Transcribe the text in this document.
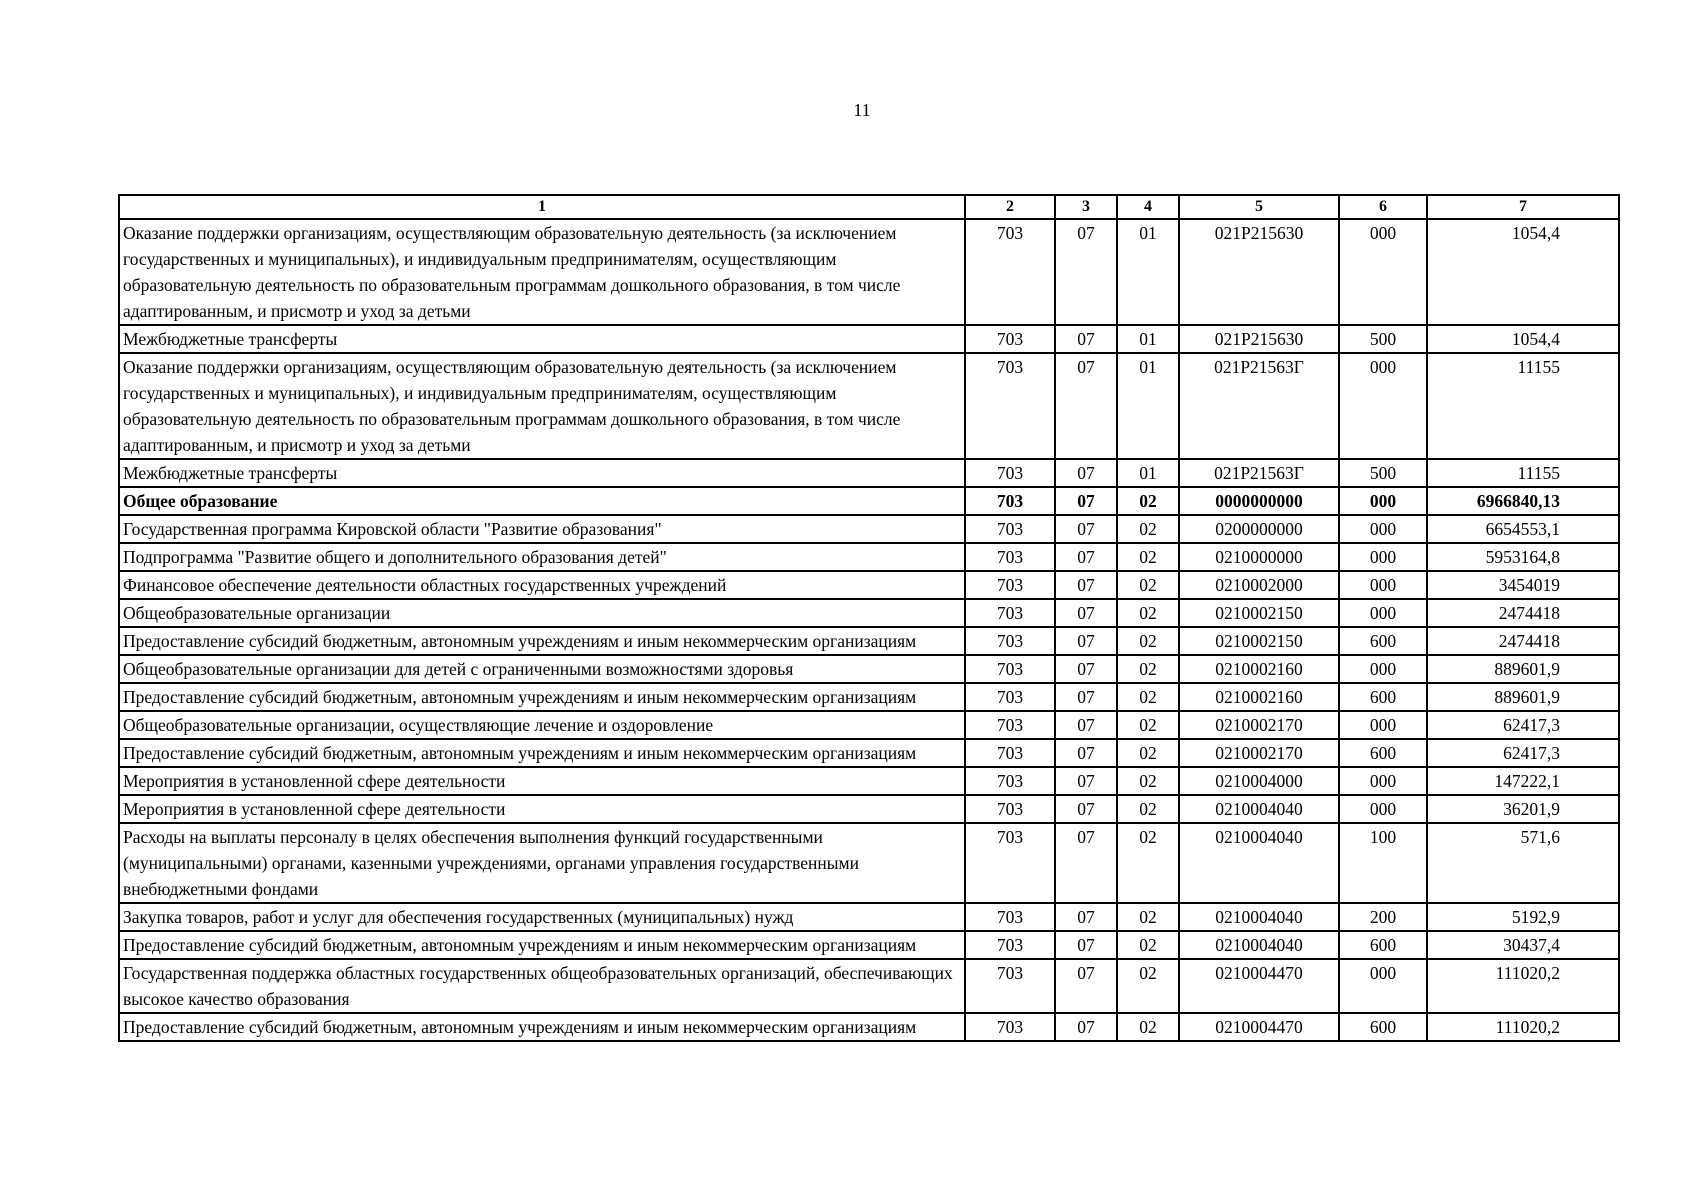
11
1	2	3	4	5	6	7
Оказание поддержки организациям, осуществляющим образовательную деятельность (за исключением государственных и муниципальных), и индивидуальным предпринимателям, осуществляющим образовательную деятельность по образовательным программам дошкольного образования, в том числе адаптированным, и присмотр и уход за детьми	703	07	01	021P215630	000	1054,4
Межбюджетные трансферты	703	07	01	021P215630	500	1054,4
Оказание поддержки организациям, осуществляющим образовательную деятельность (за исключением государственных и муниципальных), и индивидуальным предпринимателям, осуществляющим образовательную деятельность по образовательным программам дошкольного образования, в том числе адаптированным, и присмотр и уход за детьми	703	07	01	021P21563Г	000	11155
Межбюджетные трансферты	703	07	01	021P21563Г	500	11155
Общее образование	703	07	02	0000000000	000	6966840,13
Государственная программа Кировской области "Развитие образования"	703	07	02	0200000000	000	6654553,1
Подпрограмма "Развитие общего и дополнительного образования детей"	703	07	02	0210000000	000	5953164,8
Финансовое обеспечение деятельности областных государственных учреждений	703	07	02	0210002000	000	3454019
Общеобразовательные организации	703	07	02	0210002150	000	2474418
Предоставление субсидий бюджетным, автономным учреждениям и иным некоммерческим организациям	703	07	02	0210002150	600	2474418
Общеобразовательные организации для детей с ограниченными возможностями здоровья	703	07	02	0210002160	000	889601,9
Предоставление субсидий бюджетным, автономным учреждениям и иным некоммерческим организациям	703	07	02	0210002160	600	889601,9
Общеобразовательные организации, осуществляющие лечение и оздоровление	703	07	02	0210002170	000	62417,3
Предоставление субсидий бюджетным, автономным учреждениям и иным некоммерческим организациям	703	07	02	0210002170	600	62417,3
Мероприятия в установленной сфере деятельности	703	07	02	0210004000	000	147222,1
Мероприятия в установленной сфере деятельности	703	07	02	0210004040	000	36201,9
Расходы на выплаты персоналу в целях обеспечения выполнения функций государственными (муниципальными) органами, казенными учреждениями, органами управления государственными внебюджетными фондами	703	07	02	0210004040	100	571,6
Закупка товаров, работ и услуг для обеспечения государственных (муниципальных) нужд	703	07	02	0210004040	200	5192,9
Предоставление субсидий бюджетным, автономным учреждениям и иным некоммерческим организациям	703	07	02	0210004040	600	30437,4
Государственная поддержка областных государственных общеобразовательных организаций, обеспечивающих высокое качество образования	703	07	02	0210004470	000	111020,2
Предоставление субсидий бюджетным, автономным учреждениям и иным некоммерческим организациям	703	07	02	0210004470	600	111020,2
